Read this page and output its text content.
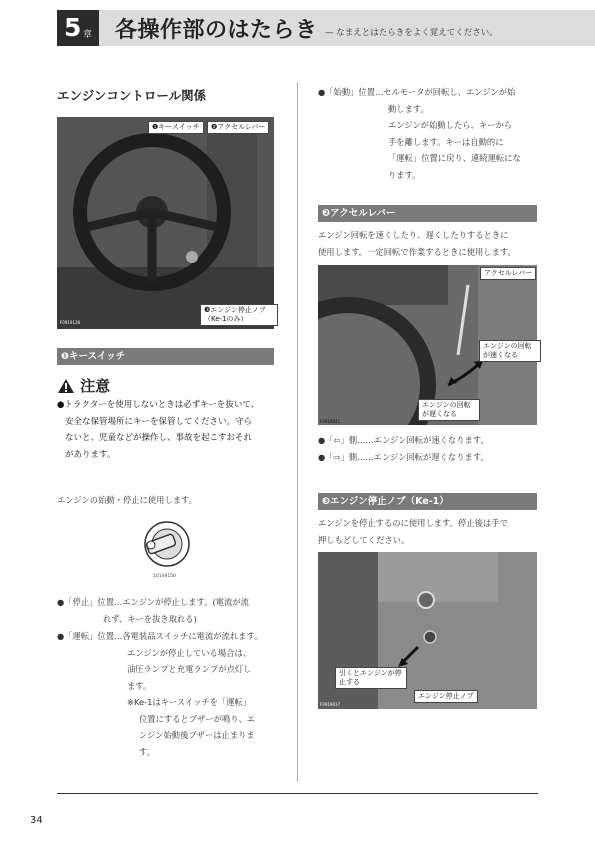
5 章 各操作部のはたらき — なまえとはたらきをよく覚えてください。
エンジンコントロール関係
❶キースイッチ	❷アクセルレバー
❸エンジン停止ノブ（Ke-1のみ）
F0919136
❶キースイッチ
注意
●トラクターを使用しないときは必ずキーを抜いて、
安全な保管場所にキーを保管してください。守ら
ないと、児童などが操作し、事故を起こすおそれ
があります。
エンジンの始動・停止に使用します。
10149150
●「停止」位置…エンジンが停止します。(電流が流
れず、キーを抜き取れる)
●「運転」位置…各電装品スイッチに電流が流れます。
エンジンが停止している場合は、
油圧ランプと充電ランプが点灯し
ます。
※Ke-1はキースイッチを「運転」
位置にするとブザーが鳴り、エ
ンジン始動後ブザーは止まりま
す。
●「始動」位置…セルモータが回転し、エンジンが始
動します。
エンジンが始動したら、キーから
手を離します。キーは自動的に
「運転」位置に戻り、連続運転にな
ります。
❷アクセルレバー
エンジン回転を速くしたり、遅くしたりするときに
使用します。一定回転で作業するときに使用します。
アクセルレバー
エンジンの回転が速くなる
エンジンの回転が遅くなる
F0919041
●「⇦」側……エンジン回転が速くなります。
●「⇨」側……エンジン回転が遅くなります。
❸エンジン停止ノブ（Ke-1）
エンジンを停止するのに使用します。停止後は手で
押しもどしてください。
引くとエンジンが停止する
エンジン停止ノブ
F0919037
34
